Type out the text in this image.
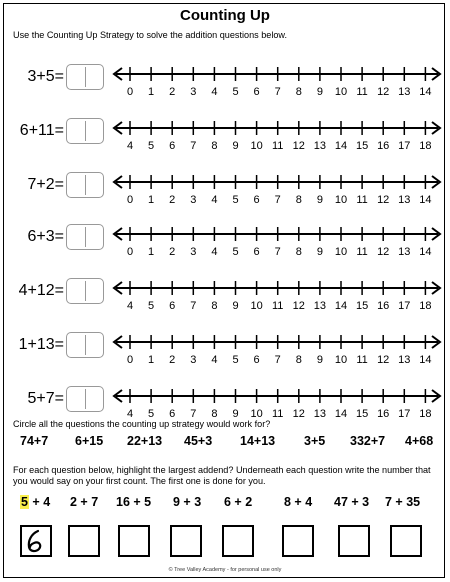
Counting Up
Use the Counting Up Strategy to solve the addition questions below.
3+5=
0 1 2 3 4 5 6 7 8 9 10 11 12 13 14
6+11=
4 5 6 7 8 9 10 11 12 13 14 15 16 17 18
7+2=
0 1 2 3 4 5 6 7 8 9 10 11 12 13 14
6+3=
0 1 2 3 4 5 6 7 8 9 10 11 12 13 14
4+12=
4 5 6 7 8 9 10 11 12 13 14 15 16 17 18
1+13=
0 1 2 3 4 5 6 7 8 9 10 11 12 13 14
5+7=
4 5 6 7 8 9 10 11 12 13 14 15 16 17 18
Circle all the questions the counting up strategy would work for?
74+7 6+15 22+13 45+3 14+13 3+5 332+7 4+68
For each question below, highlight the largest addend? Underneath each question write the number that you would say on your first count. The first one is done for you.
5 + 4 2 + 7 16 + 5 9 + 3 6 + 2	8 + 4 47 + 3 7 + 35
© Tree Valley Academy - for personal use only
